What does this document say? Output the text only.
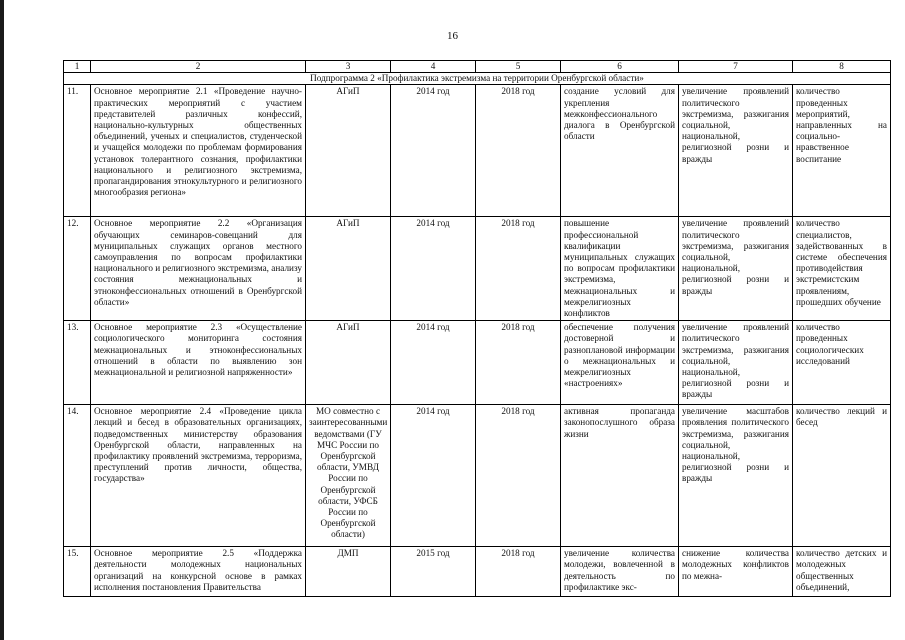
16
1	2	3	4	5	6	7	8
Подпрограмма 2 «Профилактика экстремизма на территории Оренбургской области»							
11.	Основное мероприятие 2.1 «Проведение научно-практических мероприятий с участием представителей различных конфессий, национально-культурных общественных объединений, ученых и специалистов, студенческой и учащейся молодежи по проблемам формирования установок толерантного сознания, профилактики национального и религиозного экстремизма, пропагандирования этнокультурного и религиозного многообразия региона»	АГиП	2014 год	2018 год	создание условий для укрепления межконфессионального диалога в Оренбургской области	увеличение проявлений политического экстремизма, разжигания социальной, национальной, религиозной розни и вражды	количество проведенных мероприятий, направленных на социально-нравственное воспитание
12.	Основное мероприятие 2.2 «Организация обучающих семинаров-совещаний для муниципальных служащих органов местного самоуправления по вопросам профилактики национального и религиозного экстремизма, анализу состояния межнациональных и этноконфессиональных отношений в Оренбургской области»	АГиП	2014 год	2018 год	повышение профессиональной квалификации муниципальных служащих по вопросам профилактики экстремизма, межнациональных и межрелигиозных конфликтов	увеличение проявлений политического экстремизма, разжигания социальной, национальной, религиозной розни и вражды	количество специалистов, задействованных в системе обеспечения противодействия экстремистским проявлениям, прошедших обучение
13.	Основное мероприятие 2.3 «Осуществление социологического мониторинга состояния межнациональных и этноконфессиональных отношений в области по выявлению зон межнациональной и религиозной напряженности»	АГиП	2014 год	2018 год	обеспечение получения достоверной и разноплановой информации о межнациональных и межрелигиозных «настроениях»	увеличение проявлений политического экстремизма, разжигания социальной, национальной, религиозной розни и вражды	количество проведенных социологических исследований
14.	Основное мероприятие 2.4 «Проведение цикла лекций и бесед в образовательных организациях, подведомственных министерству образования Оренбургской области, направленных на профилактику проявлений экстремизма, терроризма, преступлений против личности, общества, государства»	МО совместно с заинтересованными ведомствами (ГУ МЧС России по Оренбургской области, УМВД России по Оренбургской области, УФСБ России по Оренбургской области)	2014 год	2018 год	активная пропаганда законопослушного образа жизни	увеличение масштабов проявления политического экстремизма, разжигания социальной, национальной, религиозной розни и вражды	количество лекций и бесед
15.	Основное мероприятие 2.5 «Поддержка деятельности молодежных национальных организаций на конкурсной основе в рамках исполнения постановления Правительства	ДМП	2015 год	2018 год	увеличение количества молодежи, вовлеченной в деятельность по профилактике экс-	снижение количества молодежных конфликтов по межна-	количество детских и молодежных общественных объединений,
